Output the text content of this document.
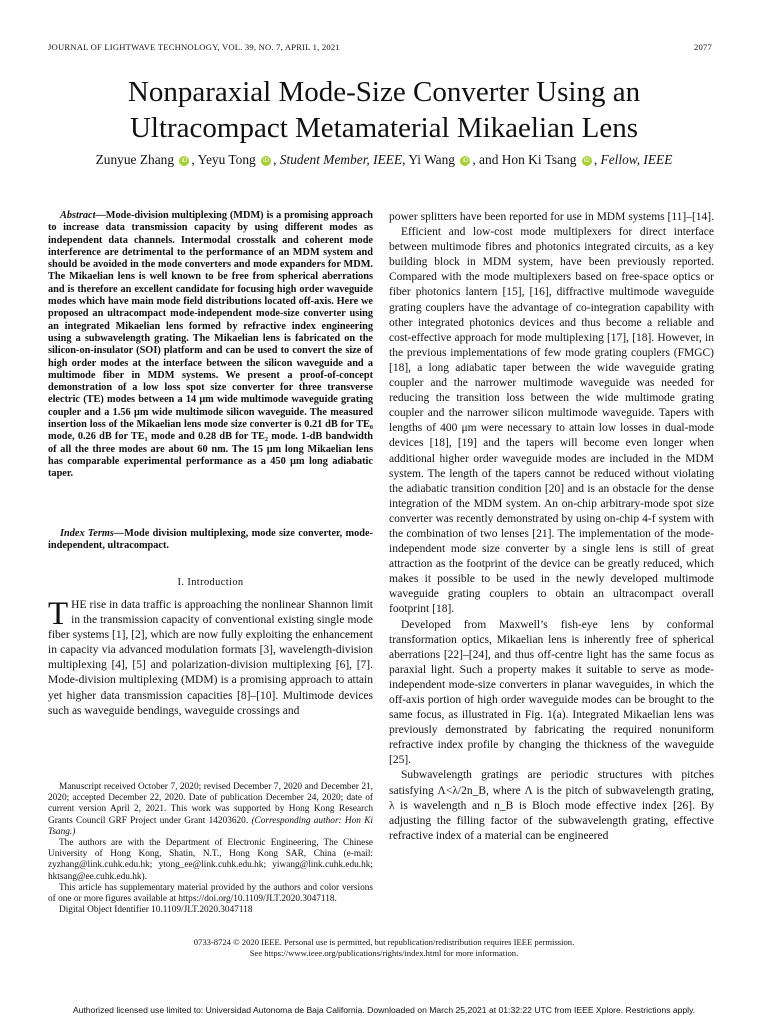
JOURNAL OF LIGHTWAVE TECHNOLOGY, VOL. 39, NO. 7, APRIL 1, 2021	2077
Nonparaxial Mode-Size Converter Using an
Ultracompact Metamaterial Mikaelian Lens
Zunyue Zhang iD , Yeyu Tong iD , Student Member, IEEE, Yi Wang iD , and Hon Ki Tsang iD , Fellow, IEEE
Abstract—Mode-division multiplexing (MDM) is a promising approach to increase data transmission capacity by using different modes as independent data channels. Intermodal crosstalk and coherent mode interference are detrimental to the performance of an MDM system and should be avoided in the mode converters and mode expanders for MDM. The Mikaelian lens is well known to be free from spherical aberrations and is therefore an excellent candidate for focusing high order waveguide modes which have main mode field distributions located off-axis. Here we proposed an ultracompact mode-independent mode-size converter using an integrated Mikaelian lens formed by refractive index engineering using a subwavelength grating. The Mikaelian lens is fabricated on the silicon-on-insulator (SOI) platform and can be used to convert the size of high order modes at the interface between the silicon waveguide and a multimode fiber in MDM systems. We present a proof-of-concept demonstration of a low loss spot size converter for three transverse electric (TE) modes between a 14 μm wide multimode waveguide grating coupler and a 1.56 μm wide multimode silicon waveguide. The measured insertion loss of the Mikaelian lens mode size converter is 0.21 dB for TE₀ mode, 0.26 dB for TE₁ mode and 0.28 dB for TE₂ mode. 1-dB bandwidth of all the three modes are about 60 nm. The 15 μm long Mikaelian lens has comparable experimental performance as a 450 μm long adiabatic taper.
Index Terms—Mode division multiplexing, mode size converter, mode-independent, ultracompact.
I. Introduction
THE rise in data traffic is approaching the nonlinear Shannon limit in the transmission capacity of conventional existing single mode fiber systems [1], [2], which are now fully exploiting the enhancement in capacity via advanced modulation formats [3], wavelength-division multiplexing [4], [5] and polarization-division multiplexing [6], [7]. Mode-division multiplexing (MDM) is a promising approach to attain yet higher data transmission capacities [8]–[10]. Multimode devices such as waveguide bendings, waveguide crossings and

Manuscript received October 7, 2020; revised December 7, 2020 and December 21, 2020; accepted December 22, 2020. Date of publication December 24, 2020; date of current version April 2, 2021. This work was supported by Hong Kong Research Grants Council GRF Project under Grant 14203620. (Corresponding author: Hon Ki Tsang.)

The authors are with the Department of Electronic Engineering, The Chinese University of Hong Kong, Shatin, N.T., Hong Kong SAR, China (e-mail: zyzhang@link.cuhk.edu.hk; ytong_ee@link.cuhk.edu.hk; yiwang@link.cuhk.edu.hk; hktsang@ee.cuhk.edu.hk).

This article has supplementary material provided by the authors and color versions of one or more figures available at https://doi.org/10.1109/JLT.2020.3047118.

Digital Object Identifier 10.1109/JLT.2020.3047118

power splitters have been reported for use in MDM systems [11]–[14].

Efficient and low-cost mode multiplexers for direct interface between multimode fibres and photonics integrated circuits, as a key building block in MDM system, have been previously reported. Compared with the mode multiplexers based on free-space optics or fiber photonics lantern [15], [16], diffractive multimode waveguide grating couplers have the advantage of co-integration capability with other integrated photonics devices and thus become a reliable and cost-effective approach for mode multiplexing [17], [18]. However, in the previous implementations of few mode grating couplers (FMGC) [18], a long adiabatic taper between the wide waveguide grating coupler and the narrower multimode waveguide was needed for reducing the transition loss between the wide multimode grating coupler and the narrower silicon multimode waveguide. Tapers with lengths of 400 μm were necessary to attain low losses in dual-mode devices [18], [19] and the tapers will become even longer when additional higher order waveguide modes are included in the MDM system. The length of the tapers cannot be reduced without violating the adiabatic transition condition [20] and is an obstacle for the dense integration of the MDM system. An on-chip arbitrary-mode spot size converter was recently demonstrated by using on-chip 4-f system with the combination of two lenses [21]. The implementation of the mode-independent mode size converter by a single lens is still of great attraction as the footprint of the device can be greatly reduced, which makes it possible to be used in the newly developed multimode waveguide grating couplers to obtain an ultracompact overall footprint [18].

Developed from Maxwell’s fish-eye lens by conformal transformation optics, Mikaelian lens is inherently free of spherical aberrations [22]–[24], and thus off-centre light has the same focus as paraxial light. Such a property makes it suitable to serve as mode-independent mode-size converters in planar waveguides, in which the off-axis portion of high order waveguide modes can be brought to the same focus, as illustrated in Fig. 1(a). Integrated Mikaelian lens was previously demonstrated by fabricating the required nonuniform refractive index profile by changing the thickness of the waveguide [25].

Subwavelength gratings are periodic structures with pitches satisfying Λ<λ/2n_B, where Λ is the pitch of subwavelength grating, λ is wavelength and n_B is Bloch mode effective index [26]. By adjusting the filling factor of the subwavelength grating, effective refractive index of a material can be engineered

0733-8724 © 2020 IEEE. Personal use is permitted, but republication/redistribution requires IEEE permission.
See https://www.ieee.org/publications/rights/index.html for more information.
Authorized licensed use limited to: Universidad Autonoma de Baja California. Downloaded on March 25,2021 at 01:32:22 UTC from IEEE Xplore. Restrictions apply.
